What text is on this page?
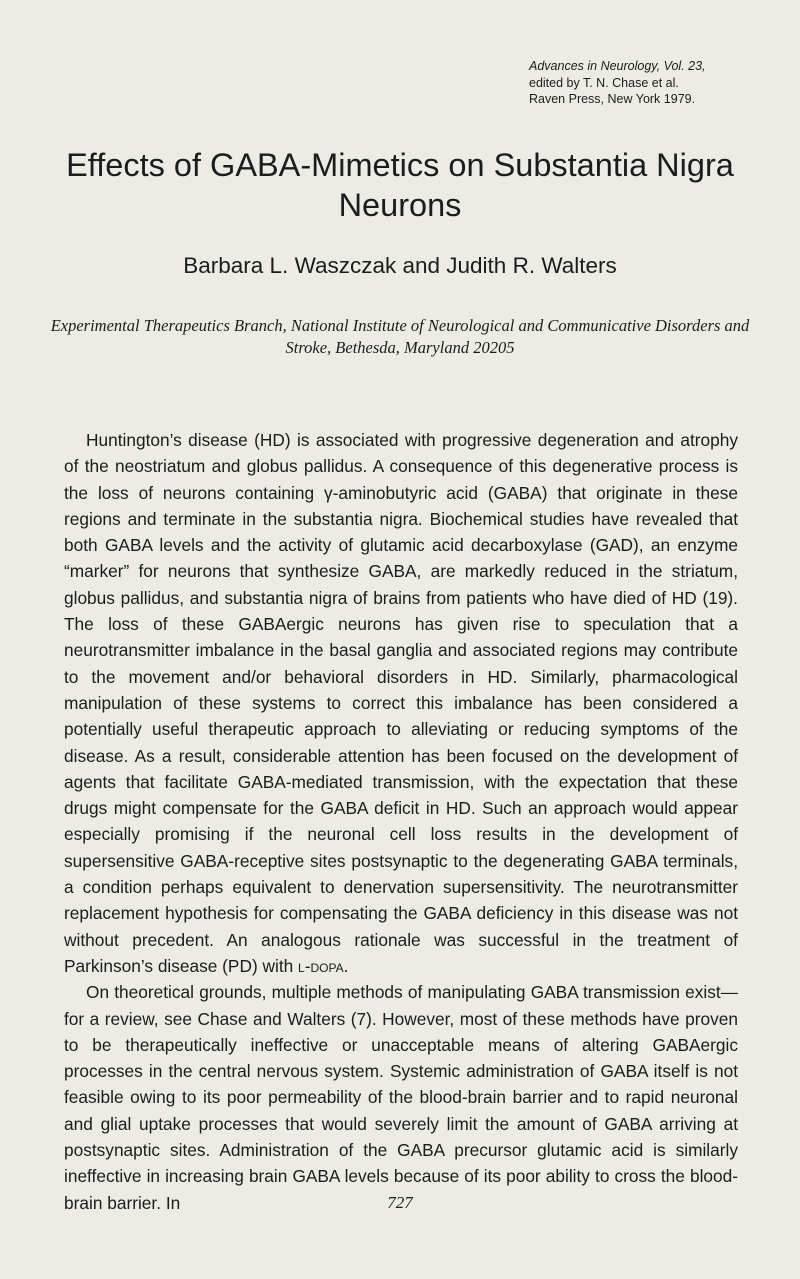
Advances in Neurology, Vol. 23,
edited by T. N. Chase et al.
Raven Press, New York 1979.
Effects of GABA-Mimetics on Substantia Nigra Neurons
Barbara L. Waszczak and Judith R. Walters
Experimental Therapeutics Branch, National Institute of Neurological and Communicative Disorders and Stroke, Bethesda, Maryland 20205

Huntington’s disease (HD) is associated with progressive degeneration and atrophy of the neostriatum and globus pallidus. A consequence of this degenerative process is the loss of neurons containing γ-aminobutyric acid (GABA) that originate in these regions and terminate in the substantia nigra. Biochemical studies have revealed that both GABA levels and the activity of glutamic acid decarboxylase (GAD), an enzyme “marker” for neurons that synthesize GABA, are markedly reduced in the striatum, globus pallidus, and substantia nigra of brains from patients who have died of HD (19). The loss of these GABAergic neurons has given rise to speculation that a neurotransmitter imbalance in the basal ganglia and associated regions may contribute to the movement and/or behavioral disorders in HD. Similarly, pharmacological manipulation of these systems to correct this imbalance has been considered a potentially useful therapeutic approach to alleviating or reducing symptoms of the disease. As a result, considerable attention has been focused on the development of agents that facilitate GABA-mediated transmission, with the expectation that these drugs might compensate for the GABA deficit in HD. Such an approach would appear especially promising if the neuronal cell loss results in the development of supersensitive GABA-receptive sites postsynaptic to the degenerating GABA terminals, a condition perhaps equivalent to denervation supersensitivity. The neurotransmitter replacement hypothesis for compensating the GABA deficiency in this disease was not without precedent. An analogous rationale was successful in the treatment of Parkinson’s disease (PD) with l-dopa.

On theoretical grounds, multiple methods of manipulating GABA transmission exist—for a review, see Chase and Walters (7). However, most of these methods have proven to be therapeutically ineffective or unacceptable means of altering GABAergic processes in the central nervous system. Systemic administration of GABA itself is not feasible owing to its poor permeability of the blood-brain barrier and to rapid neuronal and glial uptake processes that would severely limit the amount of GABA arriving at postsynaptic sites. Administration of the GABA precursor glutamic acid is similarly ineffective in increasing brain GABA levels because of its poor ability to cross the blood-brain barrier. In	727
